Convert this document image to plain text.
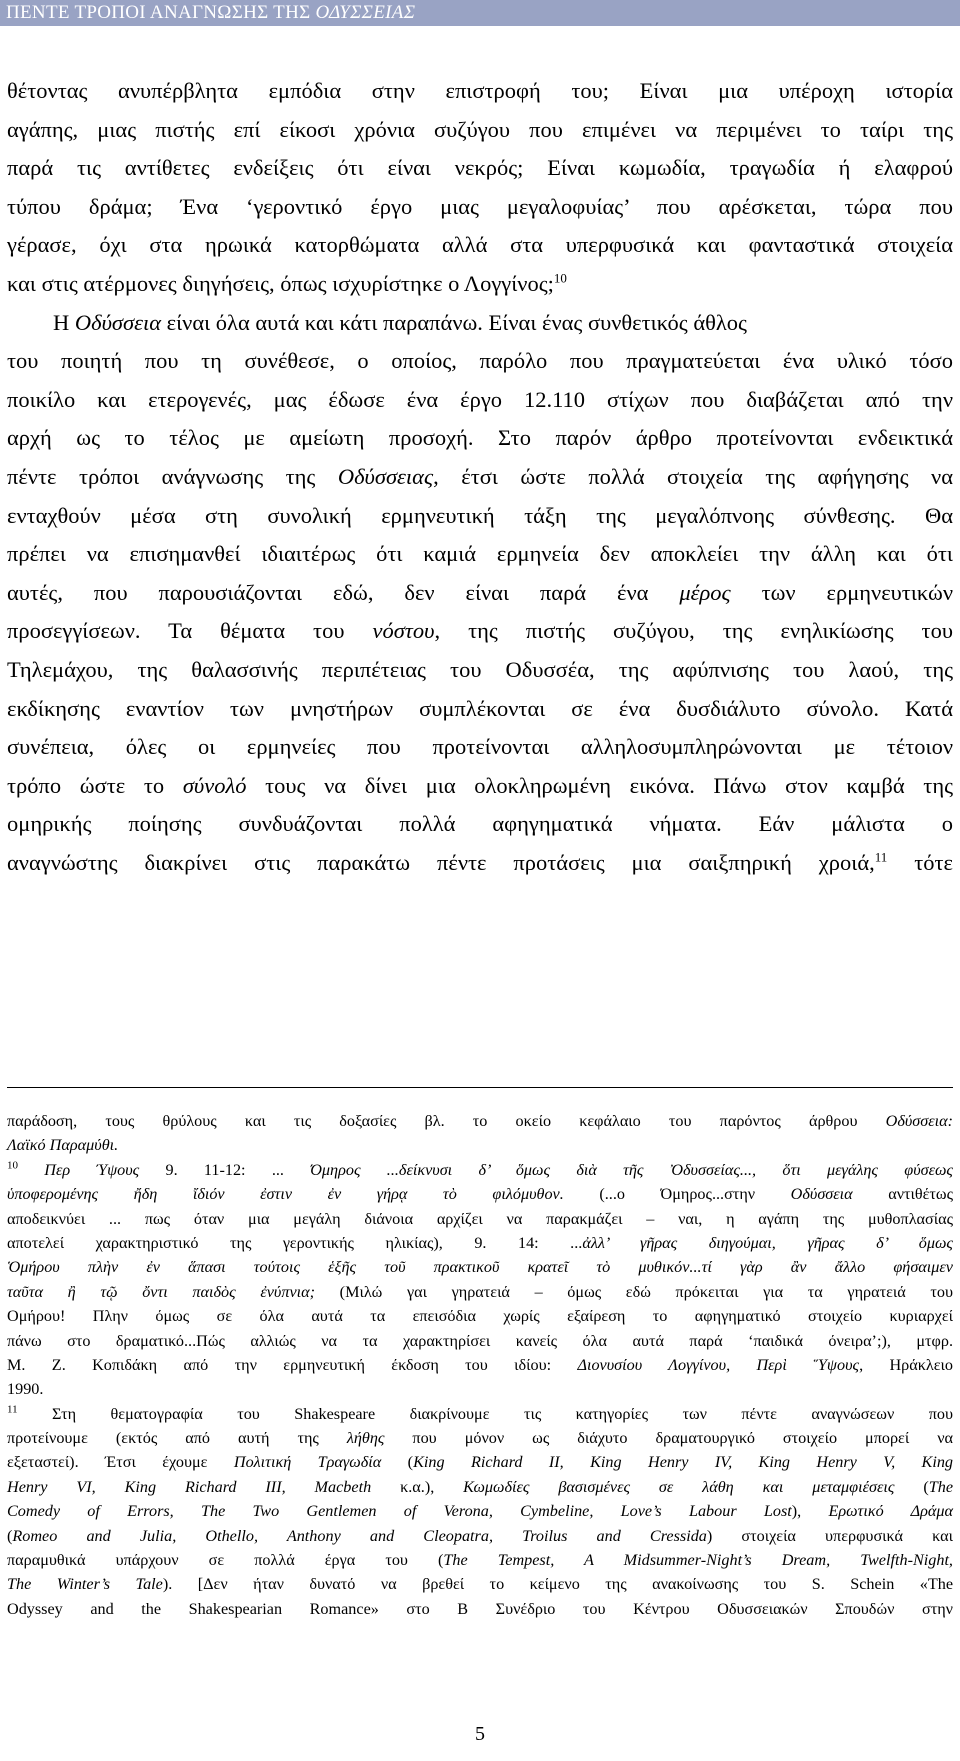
ΠΕΝΤΕ ΤΡΟΠΟΙ ΑΝΑΓΝΩΣΗΣ ΤΗΣ ΟΔΥΣΣΕΙΑΣ
θέτοντας ανυπέρβλητα εμπόδια στην επιστροφή του; Είναι μια υπέροχη ιστορία
αγάπης, μιας πιστής επί είκοσι χρόνια συζύγου που επιμένει να περιμένει το ταίρι της
παρά τις αντίθετες ενδείξεις ότι είναι νεκρός; Είναι κωμωδία, τραγωδία ή ελαφρού
τύπου δράμα; Ένα ‘γεροντικό έργο μιας μεγαλοφυίας’ που αρέσκεται, τώρα που
γέρασε, όχι στα ηρωικά κατορθώματα αλλά στα υπερφυσικά και φανταστικά στοιχεία
και στις ατέρμονες διηγήσεις, όπως ισχυρίστηκε ο Λογγίνος;$^{10}$
Η Οδύσσεια είναι όλα αυτά και κάτι παραπάνω. Είναι ένας συνθετικός άθλος
του ποιητή που τη συνέθεσε, ο οποίος, παρόλο που πραγματεύεται ένα υλικό τόσο
ποικίλο και ετερογενές, μας έδωσε ένα έργο 12.110 στίχων που διαβάζεται από την
αρχή ως το τέλος με αμείωτη προσοχή. Στο παρόν άρθρο προτείνονται ενδεικτικά
πέντε τρόποι ανάγνωσης της Οδύσσειας, έτσι ώστε πολλά στοιχεία της αφήγησης να
ενταχθούν μέσα στη συνολική ερμηνευτική τάξη της μεγαλόπνοης σύνθεσης. Θα
πρέπει να επισημανθεί ιδιαιτέρως ότι καμιά ερμηνεία δεν αποκλείει την άλλη και ότι
αυτές, που παρουσιάζονται εδώ, δεν είναι παρά ένα μέρος των ερμηνευτικών
προσεγγίσεων. Τα θέματα του νόστου, της πιστής συζύγου, της ενηλικίωσης του
Τηλεμάχου, της θαλασσινής περιπέτειας του Οδυσσέα, της αφύπνισης του λαού, της
εκδίκησης εναντίον των μνηστήρων συμπλέκονται σε ένα δυσδιάλυτο σύνολο. Κατά
συνέπεια, όλες οι ερμηνείες που προτείνονται αλληλοσυμπληρώνονται με τέτοιον
τρόπο ώστε το σύνολό τους να δίνει μια ολοκληρωμένη εικόνα. Πάνω στον καμβά της
ομηρικής ποίησης συνδυάζονται πολλά αφηγηματικά νήματα. Εάν μάλιστα ο
αναγνώστης διακρίνει στις παρακάτω πέντε προτάσεις μια σαιξπηρική χροιά,$^{11}$ τότε
παράδοση, τους θρύλους και τις δοξασίες βλ. το οκείο κεφάλαιο του παρόντος άρθρου Οδύσσεια:
Λαϊκό Παραμύθι.
$^{10}$ Περ Ύψους 9. 11-12: ... Όμηρος ...δείκνυσι δ’ ὅμως διὰ τῆς Ὀδυσσείας..., ὅτι μεγάλης φύσεως
ὑποφερομένης ἤδη ἴδιόν ἐστιν ἐν γήρᾳ τὸ φιλόμυθον. (...ο Όμηρος...στην Οδύσσεια αντιθέτως
αποδεικνύει ... πως όταν μια μεγάλη διάνοια αρχίζει να παρακμάζει – ναι, η αγάπη της μυθοπλασίας
αποτελεί χαρακτηριστικό της γεροντικής ηλικίας), 9. 14: ...ἀλλ’ γῆρας διηγούμαι, γῆρας δ’ ὅμως
Ὁμήρου πλὴν ἐν ἅπασι τούτοις ἑξῆς τοῦ πρακτικοῦ κρατεῖ τὸ μυθικόν...τί γὰρ ἂν ἄλλο φήσαιμεν
ταῦτα ἢ τῷ ὄντι παιδὸς ἐνύπνια; (Μιλώ γαι γηρατειά – όμως εδώ πρόκειται για τα γηρατειά του
Ομήρου! Πλην όμως σε όλα αυτά τα επεισόδια χωρίς εξαίρεση το αφηγηματικό στοιχείο κυριαρχεί
πάνω στο δραματικό...Πώς αλλιώς να τα χαρακτηρίσει κανείς όλα αυτά παρά ‘παιδικά όνειρα’;), μτφρ.
Μ. Ζ. Κοπιδάκη από την ερμηνευτική έκδοση του ιδίου: Διονυσίου Λογγίνου, Περὶ Ὕψους, Ηράκλειο
1990.
$^{11}$ Στη θεματογραφία του Shakespeare διακρίνουμε τις κατηγορίες των πέντε αναγνώσεων που
προτείνουμε (εκτός από αυτή της λήθης που μόνον ως διάχυτο δραματουργικό στοιχείο μπορεί να
εξεταστεί). Έτσι έχουμε Πολιτική Τραγωδία (King Richard II, King Henry IV, King Henry V, King
Henry VI, King Richard III, Macbeth κ.α.), Κωμωδίες βασισμένες σε λάθη και μεταμφιέσεις (The
Comedy of Errors, The Two Gentlemen of Verona, Cymbeline, Love’s Labour Lost), Ερωτικό Δράμα
(Romeo and Julia, Othello, Anthony and Cleopatra, Troilus and Cressida) στοιχεία υπερφυσικά και
παραμυθικά υπάρχουν σε πολλά έργα του (The Tempest, A Midsummer-Night’s Dream, Twelfth-Night,
The Winter’s Tale). [Δεν ήταν δυνατό να βρεθεί το κείμενο της ανακοίνωσης του S. Schein «The
Odyssey and the Shakespearian Romance» στο Β Συνέδριο του Κέντρου Οδυσσειακών Σπουδών στην
5
